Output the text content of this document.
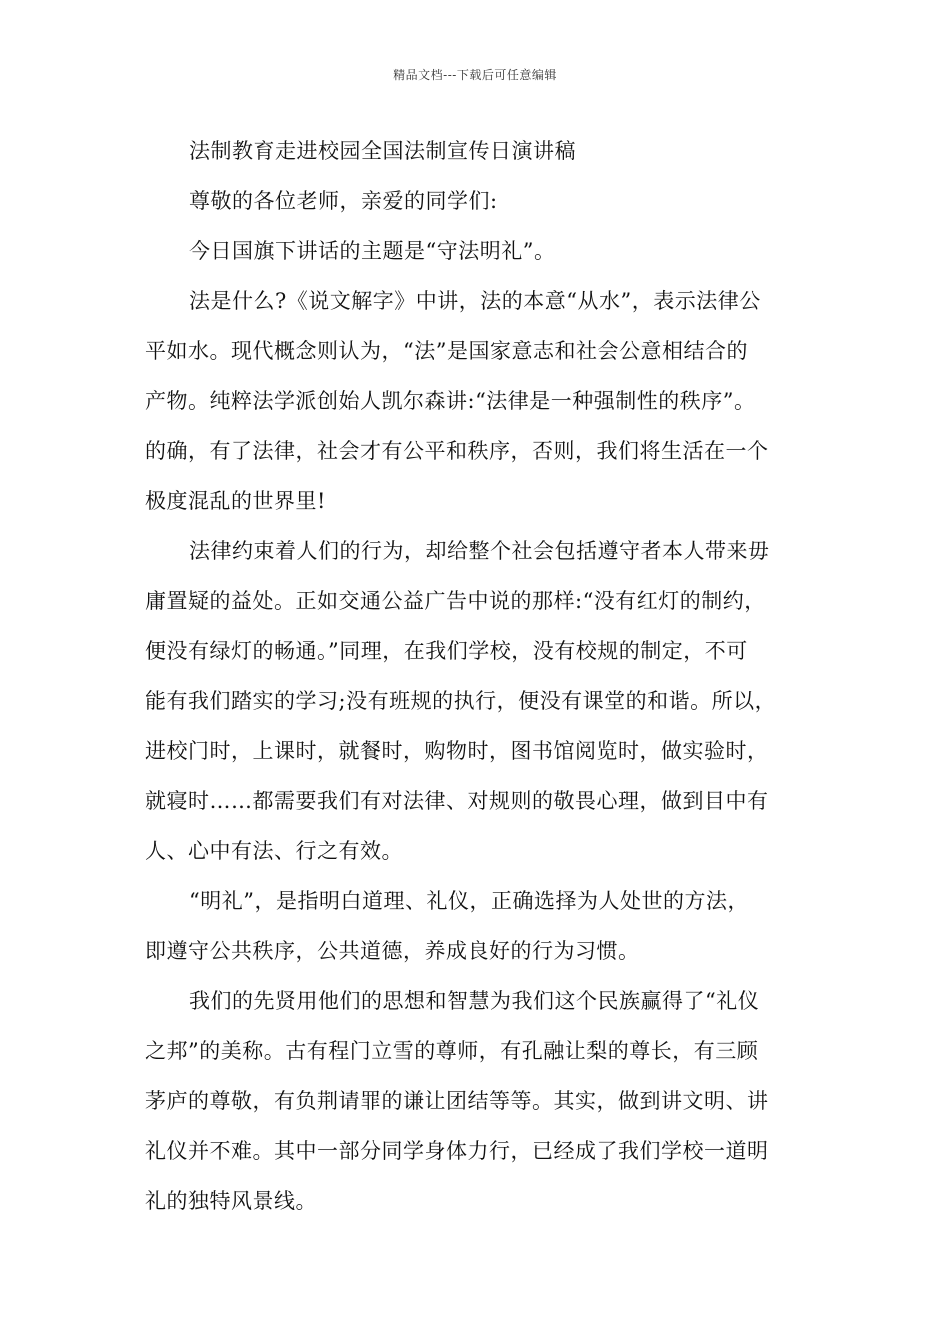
精品文档---下载后可任意编辑
法制教育走进校园全国法制宣传日演讲稿
尊敬的各位老师，亲爱的同学们:
今日国旗下讲话的主题是“守法明礼”。
法是什么?《说文解字》中讲，法的本意“从水”，表示法律公
平如水。现代概念则认为，“法”是国家意志和社会公意相结合的
产物。纯粹法学派创始人凯尔森讲:“法律是一种强制性的秩序”。
的确，有了法律，社会才有公平和秩序，否则，我们将生活在一个
极度混乱的世界里!
法律约束着人们的行为，却给整个社会包括遵守者本人带来毋
庸置疑的益处。正如交通公益广告中说的那样:“没有红灯的制约，
便没有绿灯的畅通。”同理，在我们学校，没有校规的制定，不可
能有我们踏实的学习;没有班规的执行，便没有课堂的和谐。所以，
进校门时，上课时，就餐时，购物时，图书馆阅览时，做实验时，
就寝时……都需要我们有对法律、对规则的敬畏心理，做到目中有
人、心中有法、行之有效。
“明礼”，是指明白道理、礼仪，正确选择为人处世的方法，
即遵守公共秩序，公共道德，养成良好的行为习惯。
我们的先贤用他们的思想和智慧为我们这个民族赢得了“礼仪
之邦”的美称。古有程门立雪的尊师，有孔融让梨的尊长，有三顾
茅庐的尊敬，有负荆请罪的谦让团结等等。其实，做到讲文明、讲
礼仪并不难。其中一部分同学身体力行，已经成了我们学校一道明
礼的独特风景线。
